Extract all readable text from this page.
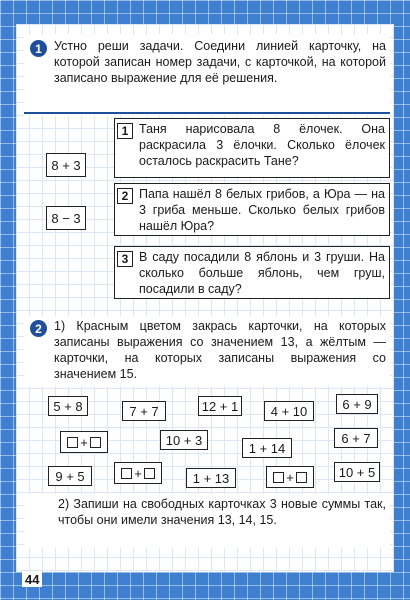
1 Устно реши задачи. Соедини линией карточку, на которой записан номер задачи, с карточкой, на которой записано выражение для её решения.
8 + 3
8 − 3
1 Таня нарисовала 8 ёлочек. Она раскрасила 3 ёлочки. Сколько ёлочек осталось раскрасить Тане?
2 Папа нашёл 8 белых грибов, а Юра — на 3 гриба меньше. Сколько белых грибов нашёл Юра?
3 В саду посадили 8 яблонь и 3 груши. На сколько больше яблонь, чем груш, посадили в саду?
2 1) Красным цветом закрась карточки, на которых записаны выражения со значением 13, а жёлтым — карточки, на которых записаны выражения со значением 15.
5 + 8	7 + 7	12 + 1	4 + 10	6 + 9
+	10 + 3
1 + 14
6 + 7
9 + 5	+	1 + 13	+	10 + 5
2) Запиши на свободных карточках 3 новые суммы так, чтобы они имели значения 13, 14, 15.
44
